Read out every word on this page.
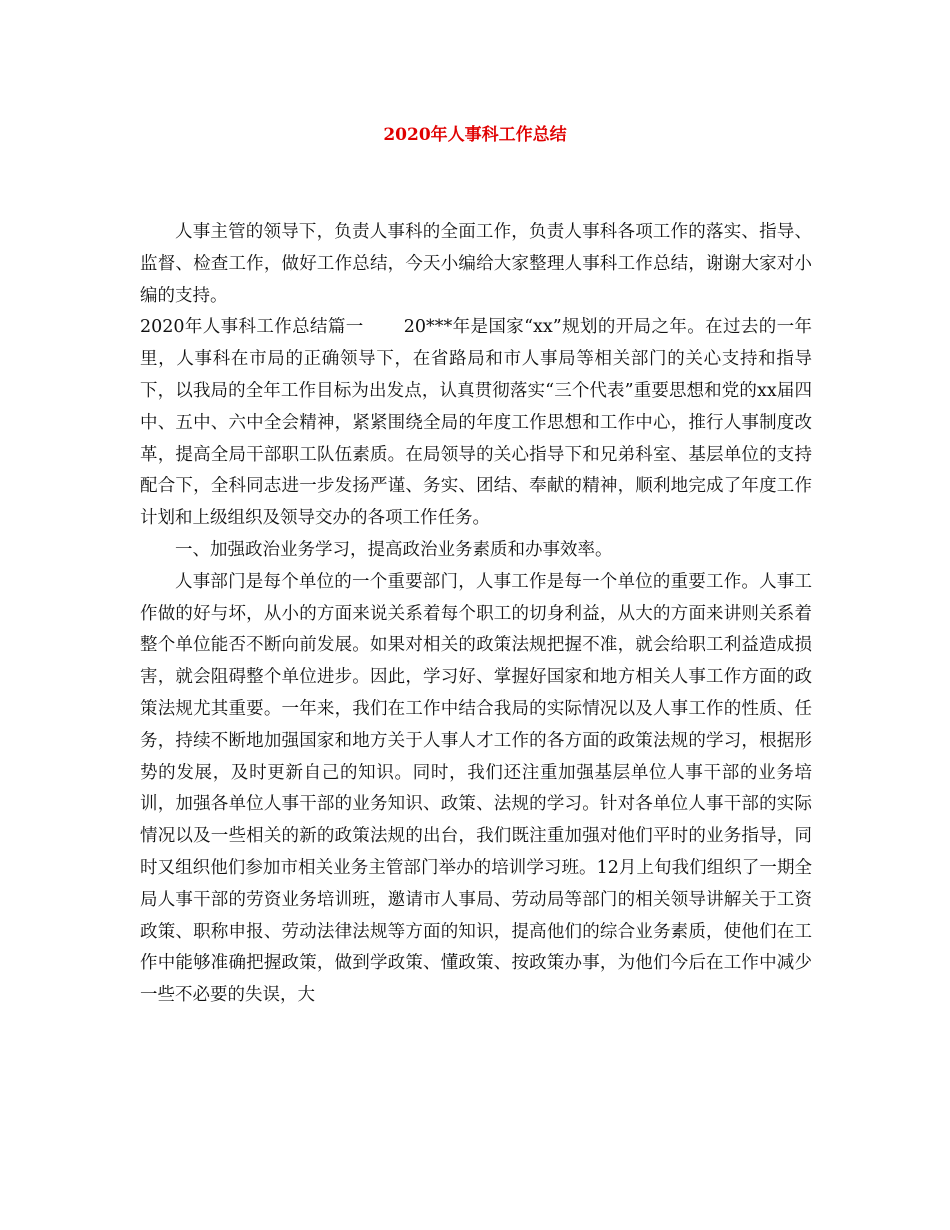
2020年人事科工作总结

人事主管的领导下，负责人事科的全面工作，负责人事科各项工作的落实、指导、监督、检查工作，做好工作总结，今天小编给大家整理人事科工作总结，谢谢大家对小编的支持。

2020年人事科工作总结篇一 20***年是国家“xx”规划的开局之年。在过去的一年里，人事科在市局的正确领导下，在省路局和市人事局等相关部门的关心支持和指导下，以我局的全年工作目标为出发点，认真贯彻落实“三个代表”重要思想和党的xx届四中、五中、六中全会精神，紧紧围绕全局的年度工作思想和工作中心，推行人事制度改革，提高全局干部职工队伍素质。在局领导的关心指导下和兄弟科室、基层单位的支持配合下，全科同志进一步发扬严谨、务实、团结、奉献的精神，顺利地完成了年度工作计划和上级组织及领导交办的各项工作任务。

一、加强政治业务学习，提高政治业务素质和办事效率。

人事部门是每个单位的一个重要部门，人事工作是每一个单位的重要工作。人事工作做的好与坏，从小的方面来说关系着每个职工的切身利益，从大的方面来讲则关系着整个单位能否不断向前发展。如果对相关的政策法规把握不准，就会给职工利益造成损害，就会阻碍整个单位进步。因此，学习好、掌握好国家和地方相关人事工作方面的政策法规尤其重要。一年来，我们在工作中结合我局的实际情况以及人事工作的性质、任务，持续不断地加强国家和地方关于人事人才工作的各方面的政策法规的学习，根据形势的发展，及时更新自己的知识。同时，我们还注重加强基层单位人事干部的业务培训，加强各单位人事干部的业务知识、政策、法规的学习。针对各单位人事干部的实际情况以及一些相关的新的政策法规的出台，我们既注重加强对他们平时的业务指导，同时又组织他们参加市相关业务主管部门举办的培训学习班。12月上旬我们组织了一期全局人事干部的劳资业务培训班，邀请市人事局、劳动局等部门的相关领导讲解关于工资政策、职称申报、劳动法律法规等方面的知识，提高他们的综合业务素质，使他们在工作中能够准确把握政策，做到学政策、懂政策、按政策办事，为他们今后在工作中减少一些不必要的失误，大
